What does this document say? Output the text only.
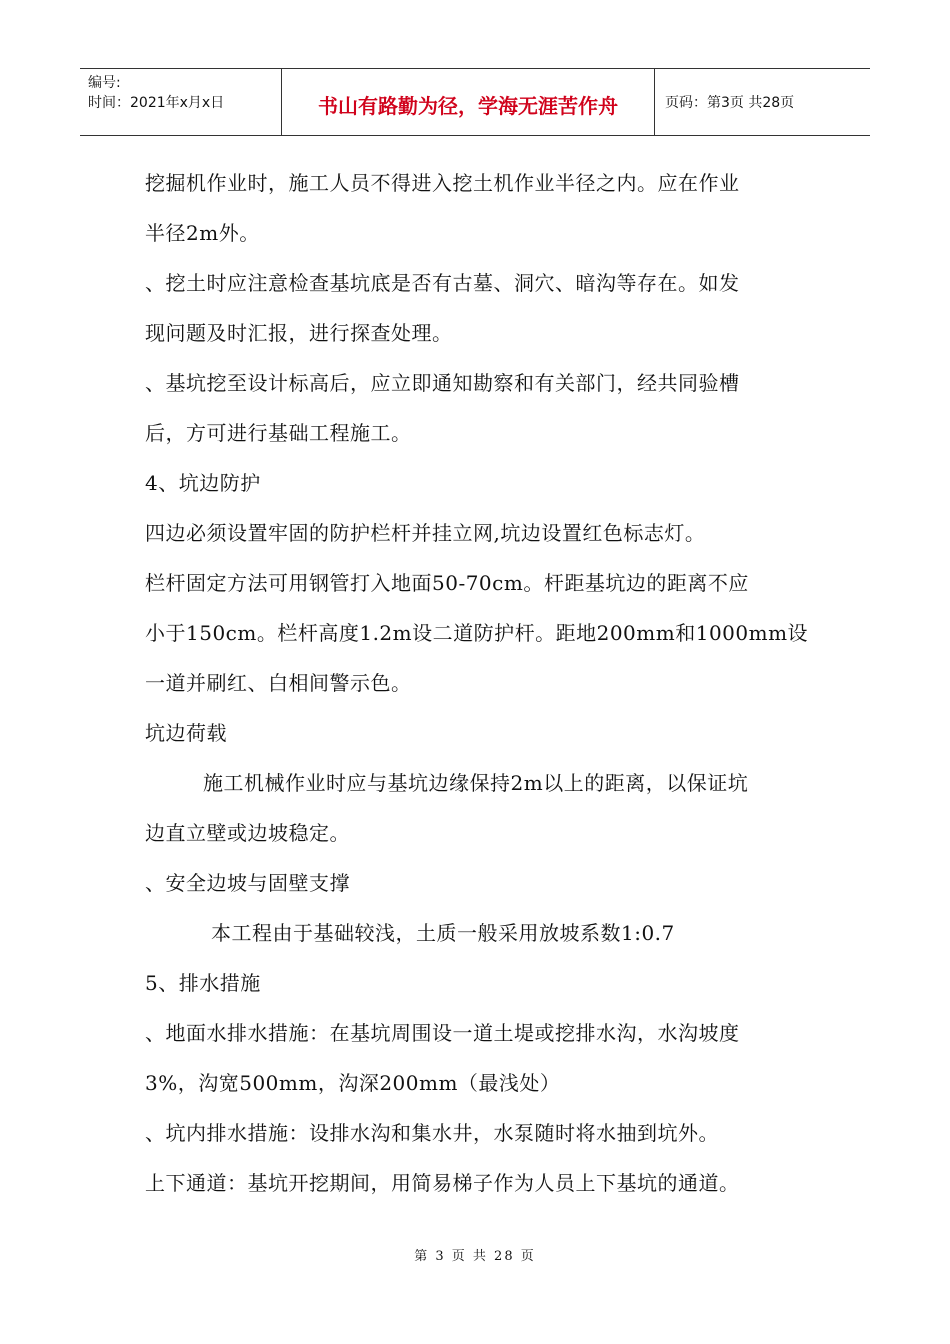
编号:
时间：2021年x月x日	书山有路勤为径，学海无涯苦作舟	页码：第3页 共28页

挖掘机作业时，施工人员不得进入挖土机作业半径之内。应在作业

半径2m外。

、挖土时应注意检查基坑底是否有古墓、洞穴、暗沟等存在。如发

现问题及时汇报，进行探查处理。

、基坑挖至设计标高后，应立即通知勘察和有关部门，经共同验槽

后，方可进行基础工程施工。

4、坑边防护

四边必须设置牢固的防护栏杆并挂立网,坑边设置红色标志灯。

栏杆固定方法可用钢管打入地面50-70cm。杆距基坑边的距离不应

小于150cm。栏杆高度1.2m设二道防护杆。距地200mm和1000mm设

一道并刷红、白相间警示色。

坑边荷载

施工机械作业时应与基坑边缘保持2m以上的距离，以保证坑

边直立壁或边坡稳定。

、安全边坡与固壁支撑

本工程由于基础较浅，土质一般采用放坡系数1:0.7

5、排水措施

、地面水排水措施：在基坑周围设一道土堤或挖排水沟，水沟坡度

3%，沟宽500mm，沟深200mm（最浅处）

、坑内排水措施：设排水沟和集水井，水泵随时将水抽到坑外。

上下通道：基坑开挖期间，用简易梯子作为人员上下基坑的通道。

第 3 页 共 28 页
